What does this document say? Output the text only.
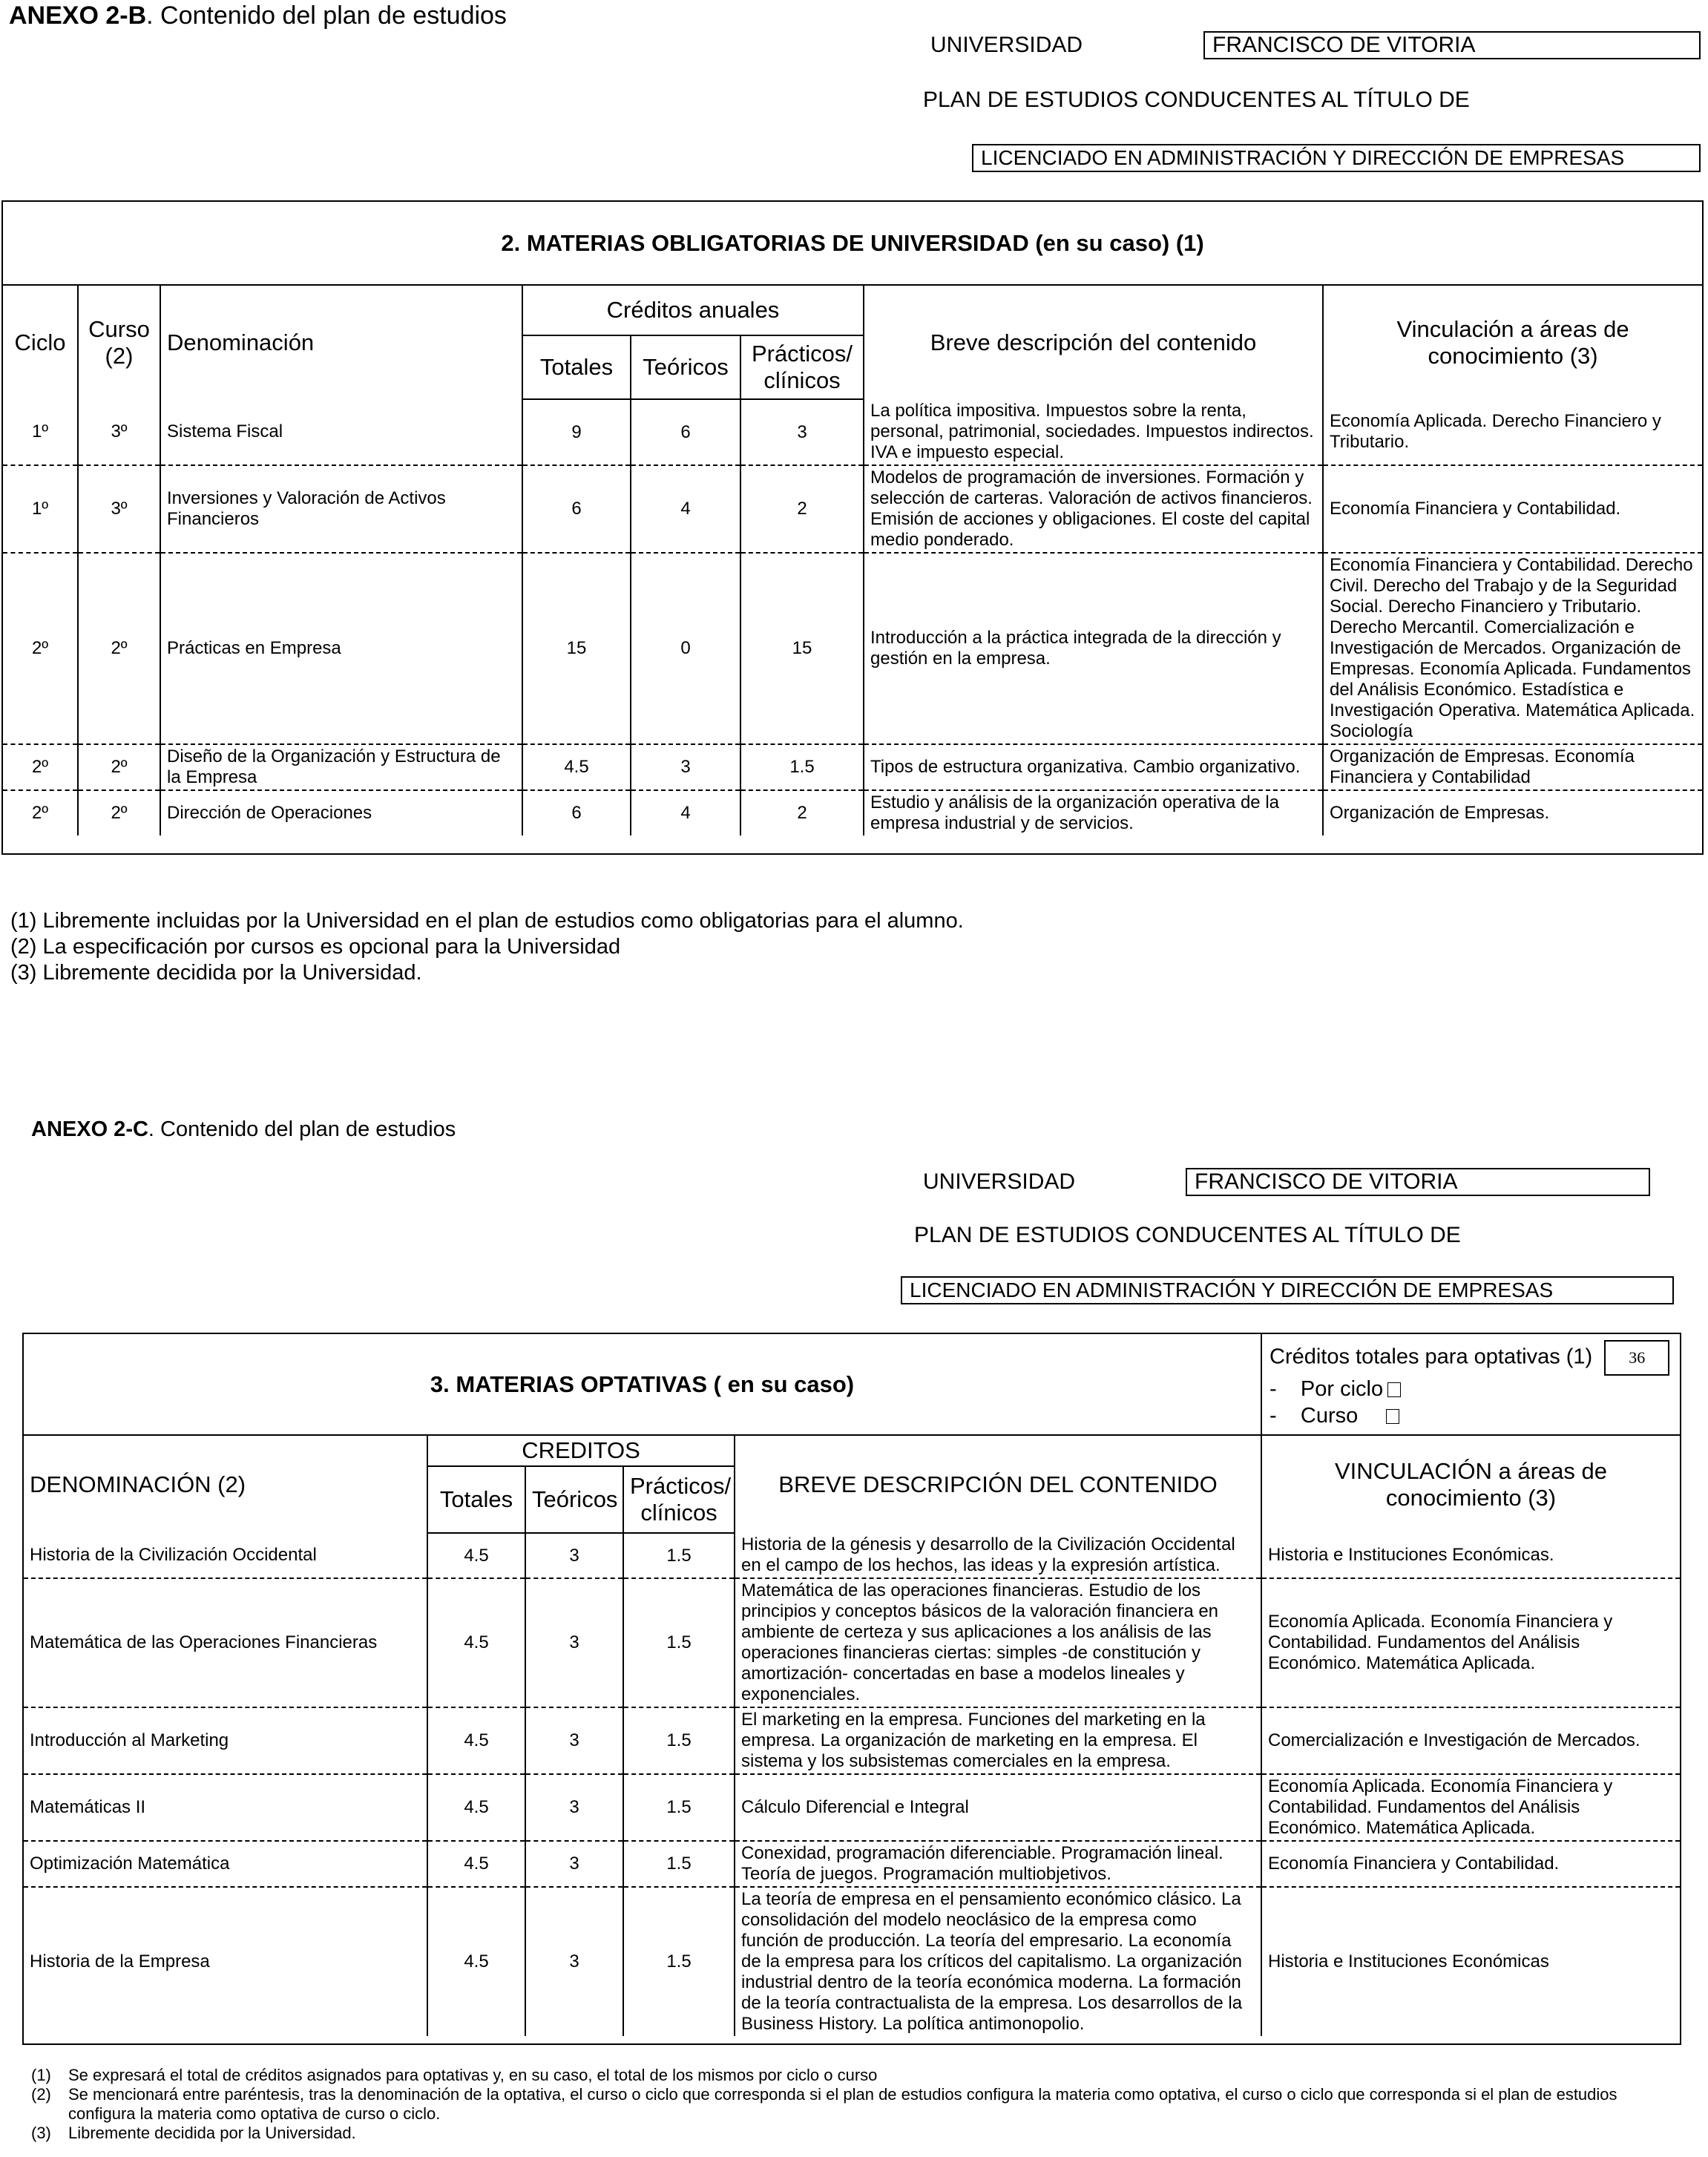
ANEXO 2-B. Contenido del plan de estudios
UNIVERSIDAD	FRANCISCO DE VITORIA
PLAN DE ESTUDIOS CONDUCENTES AL TÍTULO DE
LICENCIADO EN ADMINISTRACIÓN Y DIRECCIÓN DE EMPRESAS
2. MATERIAS OBLIGATORIAS DE UNIVERSIDAD (en su caso) (1)							
Ciclo	Curso (2)	Denominación	Créditos anuales			Breve descripción del contenido	Vinculación a áreas de conocimiento (3)
			Totales	Teóricos	Prácticos/ clínicos		
1º	3º	Sistema Fiscal	9	6	3	La política impositiva. Impuestos sobre la renta, personal, patrimonial, sociedades. Impuestos indirectos. IVA e impuesto especial.	Economía Aplicada. Derecho Financiero y Tributario.
1º	3º	Inversiones y Valoración de Activos Financieros	6	4	2	Modelos de programación de inversiones. Formación y selección de carteras. Valoración de activos financieros. Emisión de acciones y obligaciones. El coste del capital medio ponderado.	Economía Financiera y Contabilidad.
2º	2º	Prácticas en Empresa	15	0	15	Introducción a la práctica integrada de la dirección y gestión en la empresa.	Economía Financiera y Contabilidad. Derecho Civil. Derecho del Trabajo y de la Seguridad Social. Derecho Financiero y Tributario. Derecho Mercantil. Comercialización e Investigación de Mercados. Organización de Empresas. Economía Aplicada. Fundamentos del Análisis Económico. Estadística e Investigación Operativa. Matemática Aplicada. Sociología
2º	2º	Diseño de la Organización y Estructura de la Empresa	4.5	3	1.5	Tipos de estructura organizativa. Cambio organizativo.	Organización de Empresas. Economía Financiera y Contabilidad
2º	2º	Dirección de Operaciones	6	4	2	Estudio y análisis de la organización operativa de la empresa industrial y de servicios.	Organización de Empresas.
(1) Libremente incluidas por la Universidad en el plan de estudios como obligatorias para el alumno.
(2) La especificación por cursos es opcional para la Universidad
(3) Libremente decidida por la Universidad.
ANEXO 2-C. Contenido del plan de estudios
UNIVERSIDAD	FRANCISCO DE VITORIA
PLAN DE ESTUDIOS CONDUCENTES AL TÍTULO DE
LICENCIADO EN ADMINISTRACIÓN Y DIRECCIÓN DE EMPRESAS
3. MATERIAS OPTATIVAS ( en su caso)					Créditos totales para optativas (1) 36
-    Por ciclo
-    Curso

DENOMINACIÓN (2)	CREDITOS			BREVE DESCRIPCIÓN DEL CONTENIDO	VINCULACIÓN a áreas de conocimiento (3)
	Totales	Teóricos	Prácticos/ clínicos		
Historia de la Civilización Occidental	4.5	3	1.5	Historia de la génesis y desarrollo de la Civilización Occidental en el campo de los hechos, las ideas y la expresión artística.	Historia e Instituciones Económicas.
Matemática de las Operaciones Financieras	4.5	3	1.5	Matemática de las operaciones financieras. Estudio de los principios y conceptos básicos de la valoración financiera en ambiente de certeza y sus aplicaciones a los análisis de las operaciones financieras ciertas: simples -de constitución y amortización- concertadas en base a modelos lineales y exponenciales.	Economía Aplicada. Economía Financiera y Contabilidad. Fundamentos del Análisis Económico. Matemática Aplicada.
Introducción al Marketing	4.5	3	1.5	El marketing en la empresa. Funciones del marketing en la empresa. La organización de marketing en la empresa. El sistema y los subsistemas comerciales en la empresa.	Comercialización e Investigación de Mercados.
Matemáticas II	4.5	3	1.5	Cálculo Diferencial e Integral	Economía Aplicada. Economía Financiera y Contabilidad. Fundamentos del Análisis Económico. Matemática Aplicada.
Optimización Matemática	4.5	3	1.5	Conexidad, programación diferenciable. Programación lineal. Teoría de juegos. Programación multiobjetivos.	Economía Financiera y Contabilidad.
Historia de la Empresa	4.5	3	1.5	La teoría de empresa en el pensamiento económico clásico. La consolidación del modelo neoclásico de la empresa como función de producción. La teoría del empresario. La economía de la empresa para los críticos del capitalismo. La organización industrial dentro de la teoría económica moderna. La formación de la teoría contractualista de la empresa. Los desarrollos de la Business History. La política antimonopolio.	Historia e Instituciones Económicas
(1)	Se expresará el total de créditos asignados para optativas y, en su caso, el total de los mismos por ciclo o curso
(2)	Se mencionará entre paréntesis, tras la denominación de la optativa, el curso o ciclo que corresponda si el plan de estudios configura la materia como optativa, el curso o ciclo que corresponda si el plan de estudios configura la materia como optativa de curso o ciclo.
(3)	Libremente decidida por la Universidad.
